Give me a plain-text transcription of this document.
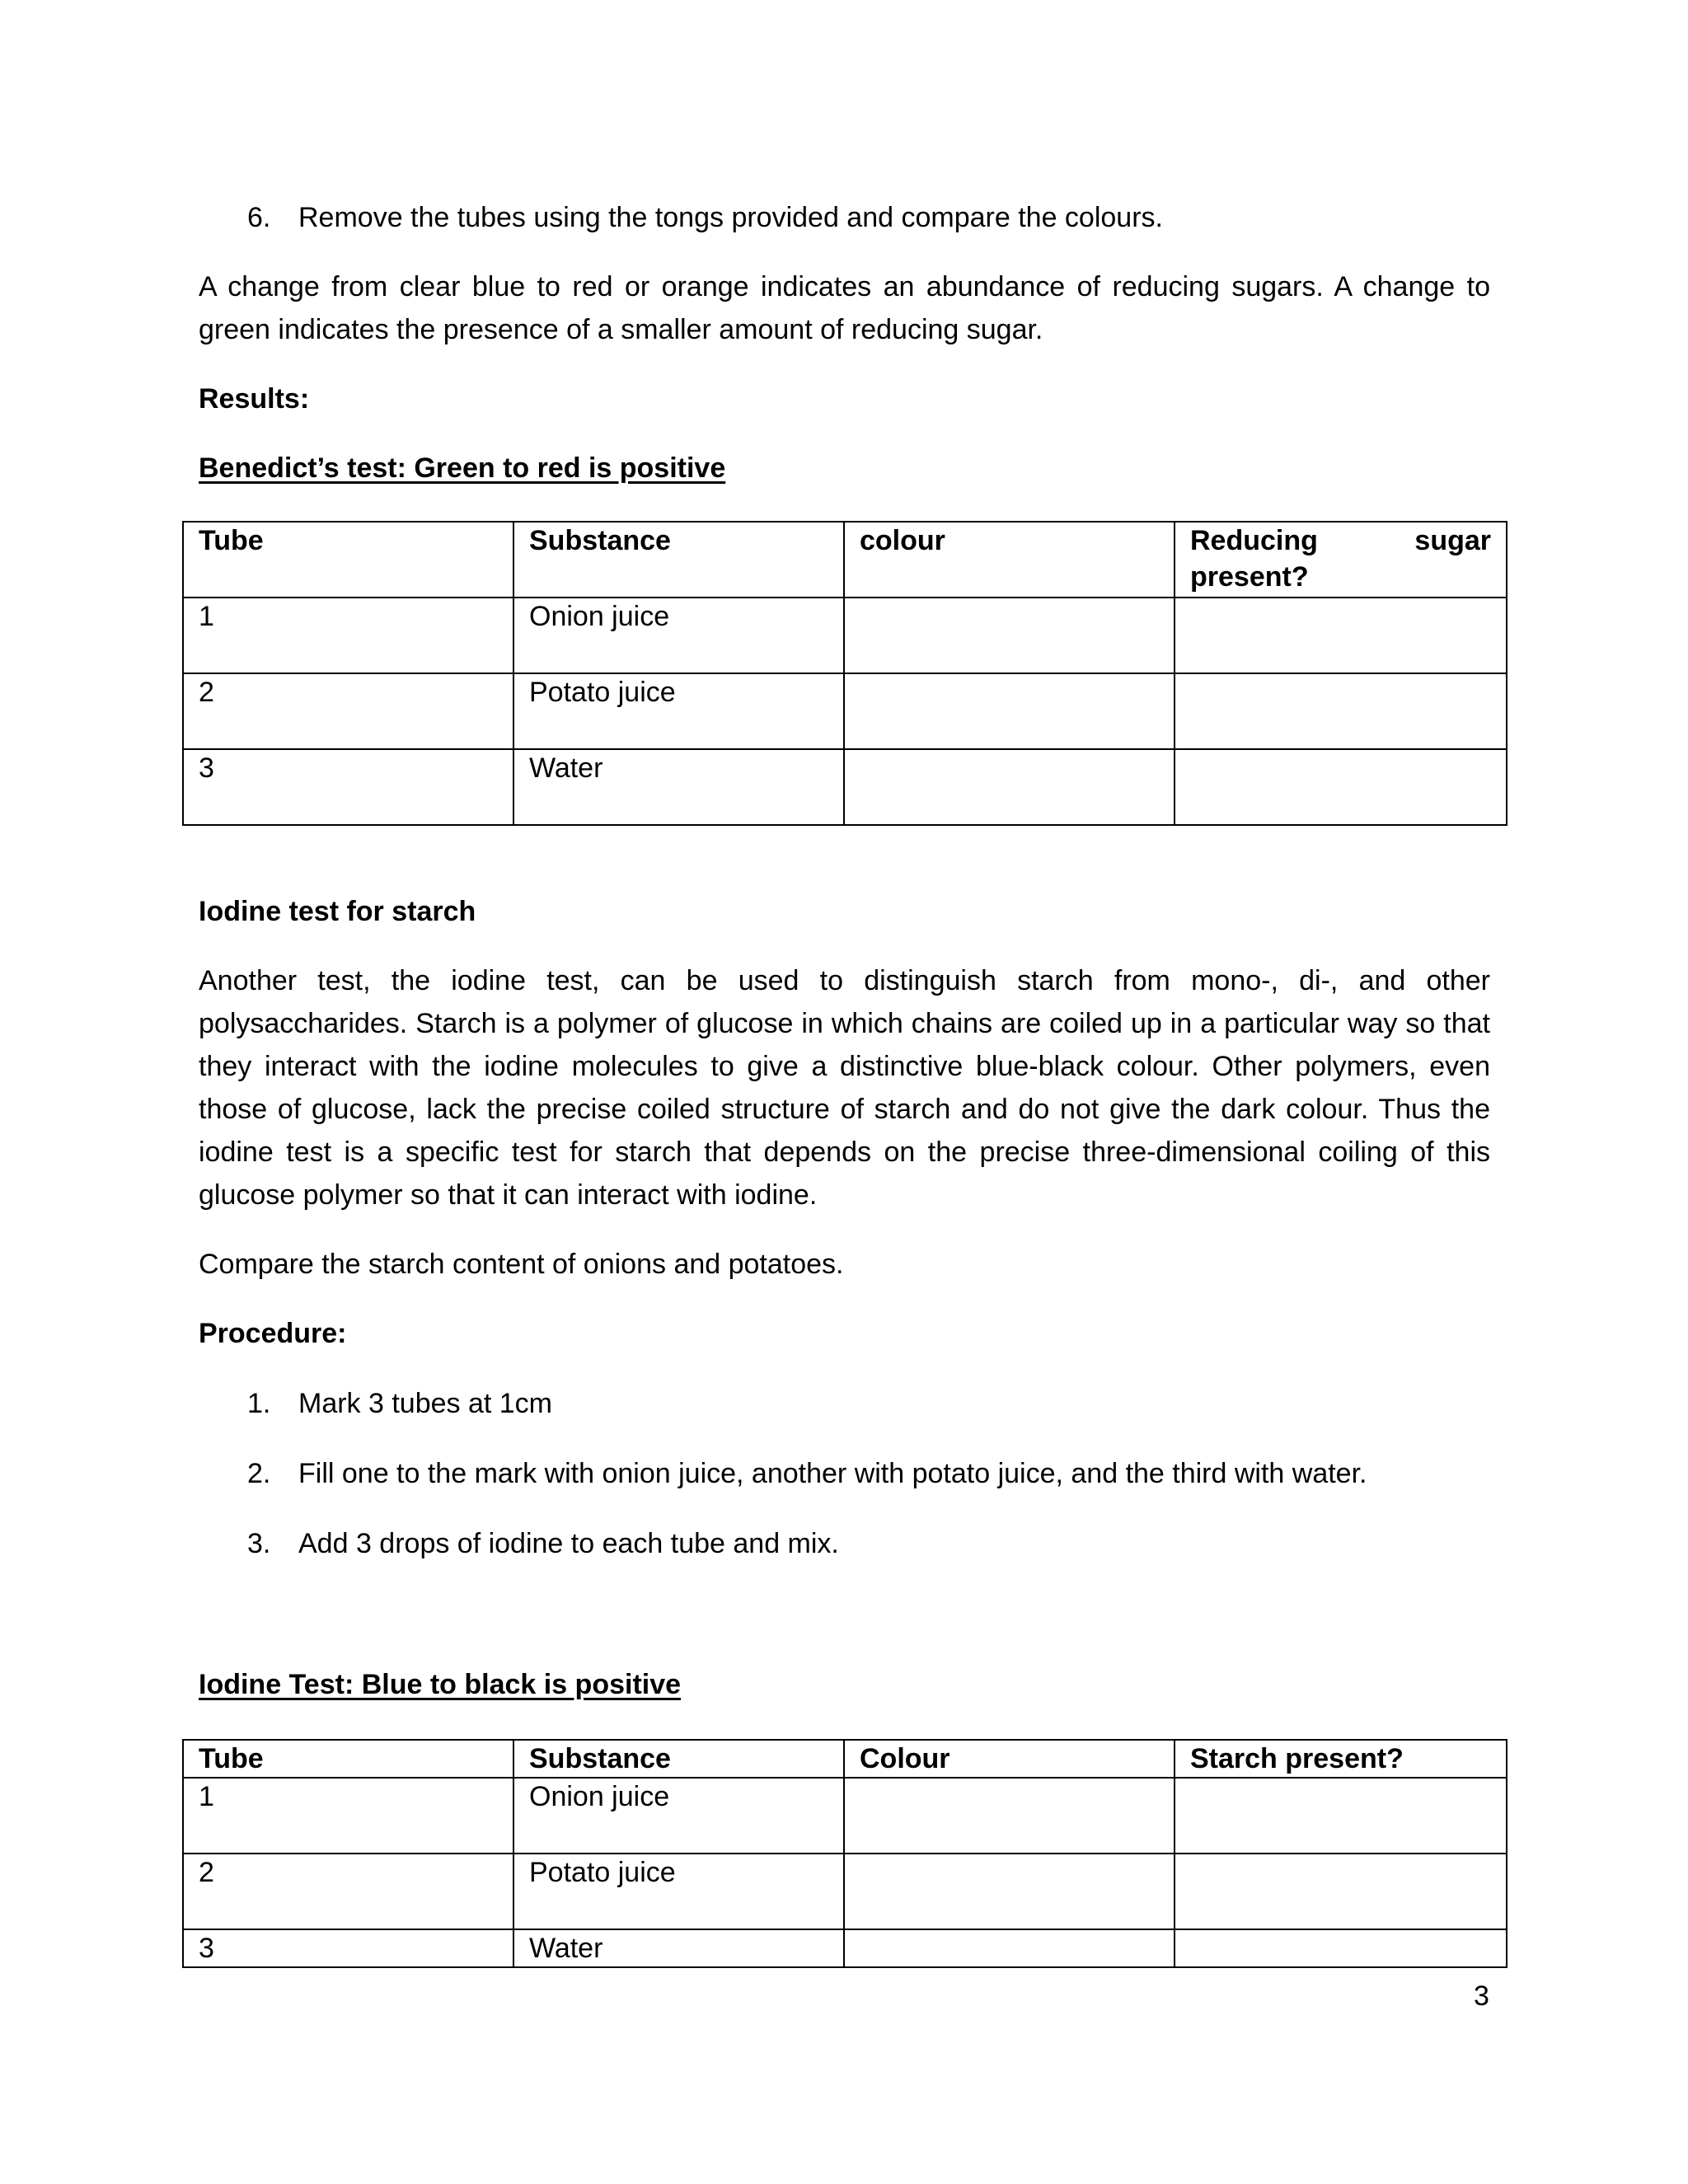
6. Remove the tubes using the tongs provided and compare the colours.

A change from clear blue to red or orange indicates an abundance of reducing sugars. A change to green indicates the presence of a smaller amount of reducing sugar.

Results:

Benedict’s test: Green to red is positive

Tube	Substance	colour	Reducing sugar
present?

1	Onion juice		
2	Potato juice		
3	Water		

Iodine test for starch

Another test, the iodine test, can be used to distinguish starch from mono-, di-, and other polysaccharides. Starch is a polymer of glucose in which chains are coiled up in a particular way so that they interact with the iodine molecules to give a distinctive blue-black colour. Other polymers, even those of glucose, lack the precise coiled structure of starch and do not give the dark colour. Thus the iodine test is a specific test for starch that depends on the precise three-dimensional coiling of this glucose polymer so that it can interact with iodine.

Compare the starch content of onions and potatoes.

Procedure:

1. Mark 3 tubes at 1cm
2. Fill one to the mark with onion juice, another with potato juice, and the third with water.
3. Add 3 drops of iodine to each tube and mix.

Iodine Test: Blue to black is positive

Tube	Substance	Colour	Starch present?
1	Onion juice		
2	Potato juice		
3	Water		
3
